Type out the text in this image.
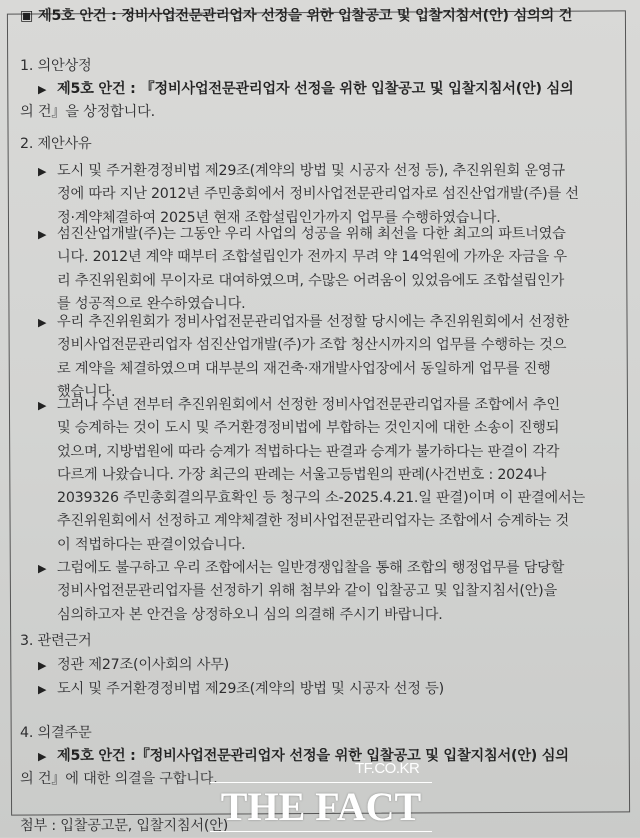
▣ 제5호 안건 : 정비사업전문관리업자 선정을 위한 입찰공고 및 입찰지침서(안) 심의의 건
1. 의안상정
▶ 제5호 안건 : 『정비사업전문관리업자 선정을 위한 입찰공고 및 입찰지침서(안) 심의
의 건』을 상정합니다.
2. 제안사유
▶ 도시 및 주거환경정비법 제29조(계약의 방법 및 시공자 선정 등), 추진위원회 운영규
정에 따라 지난 2012년 주민총회에서 정비사업전문관리업자로 섬진산업개발(주)를 선
정·계약체결하여 2025년 현재 조합설립인가까지 업무를 수행하였습니다.
▶ 섬진산업개발(주)는 그동안 우리 사업의 성공을 위해 최선을 다한 최고의 파트너였습
니다. 2012년 계약 때부터 조합설립인가 전까지 무려 약 14억원에 가까운 자금을 우
리 추진위원회에 무이자로 대여하였으며, 수많은 어려움이 있었음에도 조합설립인가
를 성공적으로 완수하였습니다.
▶ 우리 추진위원회가 정비사업전문관리업자를 선정할 당시에는 추진위원회에서 선정한
정비사업전문관리업자 섬진산업개발(주)가 조합 청산시까지의 업무를 수행하는 것으
로 계약을 체결하였으며 대부분의 재건축·재개발사업장에서 동일하게 업무를 진행
했습니다.
▶ 그러나 수년 전부터 추진위원회에서 선정한 정비사업전문관리업자를 조합에서 추인
및 승계하는 것이 도시 및 주거환경정비법에 부합하는 것인지에 대한 소송이 진행되
었으며, 지방법원에 따라 승계가 적법하다는 판결과 승계가 불가하다는 판결이 각각
다르게 나왔습니다. 가장 최근의 판례는 서울고등법원의 판례(사건번호 : 2024나
2039326 주민총회결의무효확인 등 청구의 소-2025.4.21.일 판결)이며 이 판결에서는
추진위원회에서 선정하고 계약체결한 정비사업전문관리업자는 조합에서 승계하는 것
이 적법하다는 판결이었습니다.
▶ 그럼에도 불구하고 우리 조합에서는 일반경쟁입찰을 통해 조합의 행정업무를 담당할
정비사업전문관리업자를 선정하기 위해 첨부와 같이 입찰공고 및 입찰지침서(안)을
심의하고자 본 안건을 상정하오니 심의 의결해 주시기 바랍니다.
3. 관련근거
▶ 정관 제27조(이사회의 사무)
▶ 도시 및 주거환경정비법 제29조(계약의 방법 및 시공자 선정 등)
4. 의결주문
▶ 제5호 안건 :『정비사업전문관리업자 선정을 위한 입찰공고 및 입찰지침서(안) 심의
의 건』에 대한 의결을 구합니다.
첨부 : 입찰공고문, 입찰지침서(안)
TF.CO.KR
THE FACT
